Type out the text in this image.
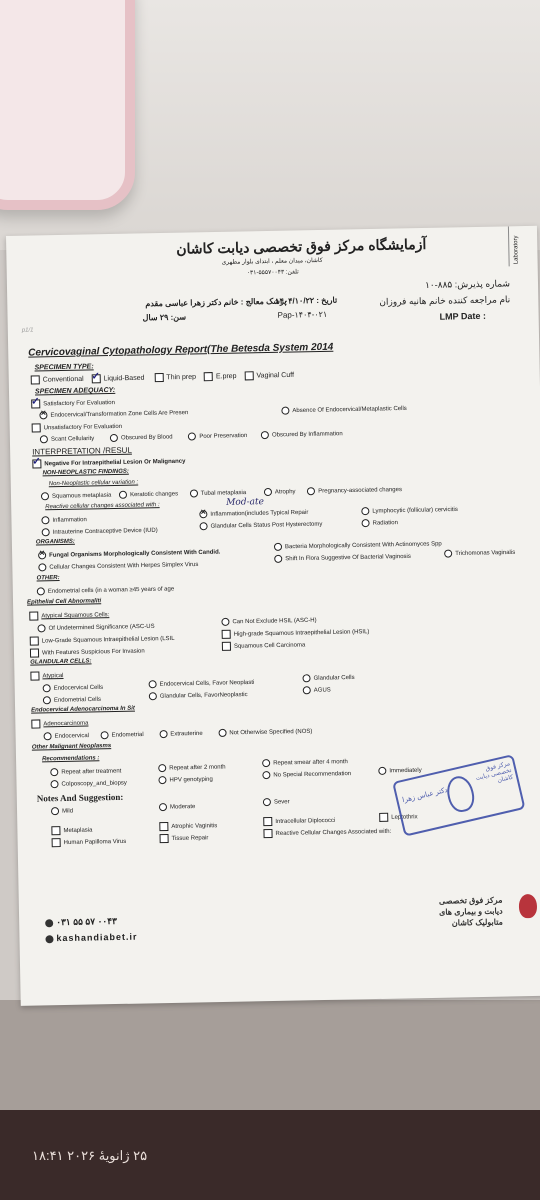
Laboratory
آزمایشگاه مرکز فوق تخصصی دیابت کاشان
کاشان، میدان معلم ، ابتدای بلوار مطهری
تلفن: ۵۵۵۷۰۰۴۳-۰۳۱
شماره پذیرش: ۸۸۵-۱۰
تاریخ : ۱۴۰۴/۱۰/۲۲
پزشک معالج : خانم دکتر زهرا عباسی مقدم	نام مراجعه کننده خانم هانیه فروزان
سن: ۲۹ سال	Pap-۱۴۰۴-۰۲۱
p1/1
LMP Date :
Cervicovaginal Cytopathology Report(The Betesda System 2014
SPECIMEN TYPE:
Conventional ✓	Liquid-Based	Thin prep	E.prep	Vaginal Cuff
SPECIMEN ADEQUACY:
✓Satisfactory For Evaluation
✕Endocervical/Transformation Zone Cells Are Presen
Absence Of Endocervical/Metaplastic Cells
Unsatisfactory For Evaluation
Scant Cellularity	Obscured By Blood	Poor Preservation	Obscured By Inflammation
INTERPRETATION /RESUL
✓Negative For Intraepithelial Lesion Or Malignancy
NON-NEOPLASTIC FINDINGS:
Non-Neoplastic cellular variation :
Squamous metaplasia	Keratotic changes	Tubal metaplasia	Atrophy	Pregnancy-associated changes
Reactive cellular changes associated with :	Mod-ate
Inflammation
✕Inflammation(includes Typical Repair	Lymphocytic (follicular) cervicitis
Intrauterine Contraceptive Device (IUD)
Glandular Cells Status Post Hysterectomy	Radiation
ORGANISMS:
✕Fungal Organisms Morphologically Consistent With Candid.
Bacteria Morphologically Consistent With Actinomyces Spp
Cellular Changes Consistent With Herpes Simplex Virus
Shift In Flora Suggestive Of Bacterial Vaginosis
Trichomonas Vaginalis
OTHER:
Endometrial cells (in a woman ≥45 years of age
Epithelial Cell Abnormaliti
Atypical Squamous Cells:
Of Undetermined Significance (ASC-US
Can Not Exclude HSIL (ASC-H)
Low-Grade Squamous Intraepithelial Lesion (LSIL
High-grade Squamous Intraepithelial Lesion (HSIL)
With Features Suspicious For Invasion
Squamous Cell Carcinoma
GLANDULAR CELLS:
Atypical
Endocervical Cells
Endocervical Cells, Favor Neoplasti
Glandular Cells
Endometrial Cells
Glandular Cells, FavorNeoplastic
AGUS
Endocervical Adenocarcinoma In Sit
Adenocarcinoma
Endocervical	Endometrial	Extrauterine	Not Otherwise Specified (NOS)
Other Malignant Neoplasms
Recommendations :
Repeat after treatment
Repeat after 2 month
Repeat smear after 4 month
Colposcopy_and_biopsy
HPV genotyping
No Special Recommendation
Immediately
Notes And Suggestion:
Mild
Moderate
Sever
Metaplasia
Atrophic Vaginitis
Intracellular Diplococci
Leptothrix
Human Papilloma Virus
Tissue Repair
Reactive Cellular Changes Associated with:
دکتر عباس زهرا
مرکز فوق تخصصی دیابت کاشان
۰۳۱ ۵۵ ۵۷ ۰۰۴۳
kashandiabet.ir
مرکز فوق تخصصی
دیابت و بیماری های
متابولیک کاشان
۲۵ ژانویهٔ ۲۰۲۶ ۱۸:۴۱
